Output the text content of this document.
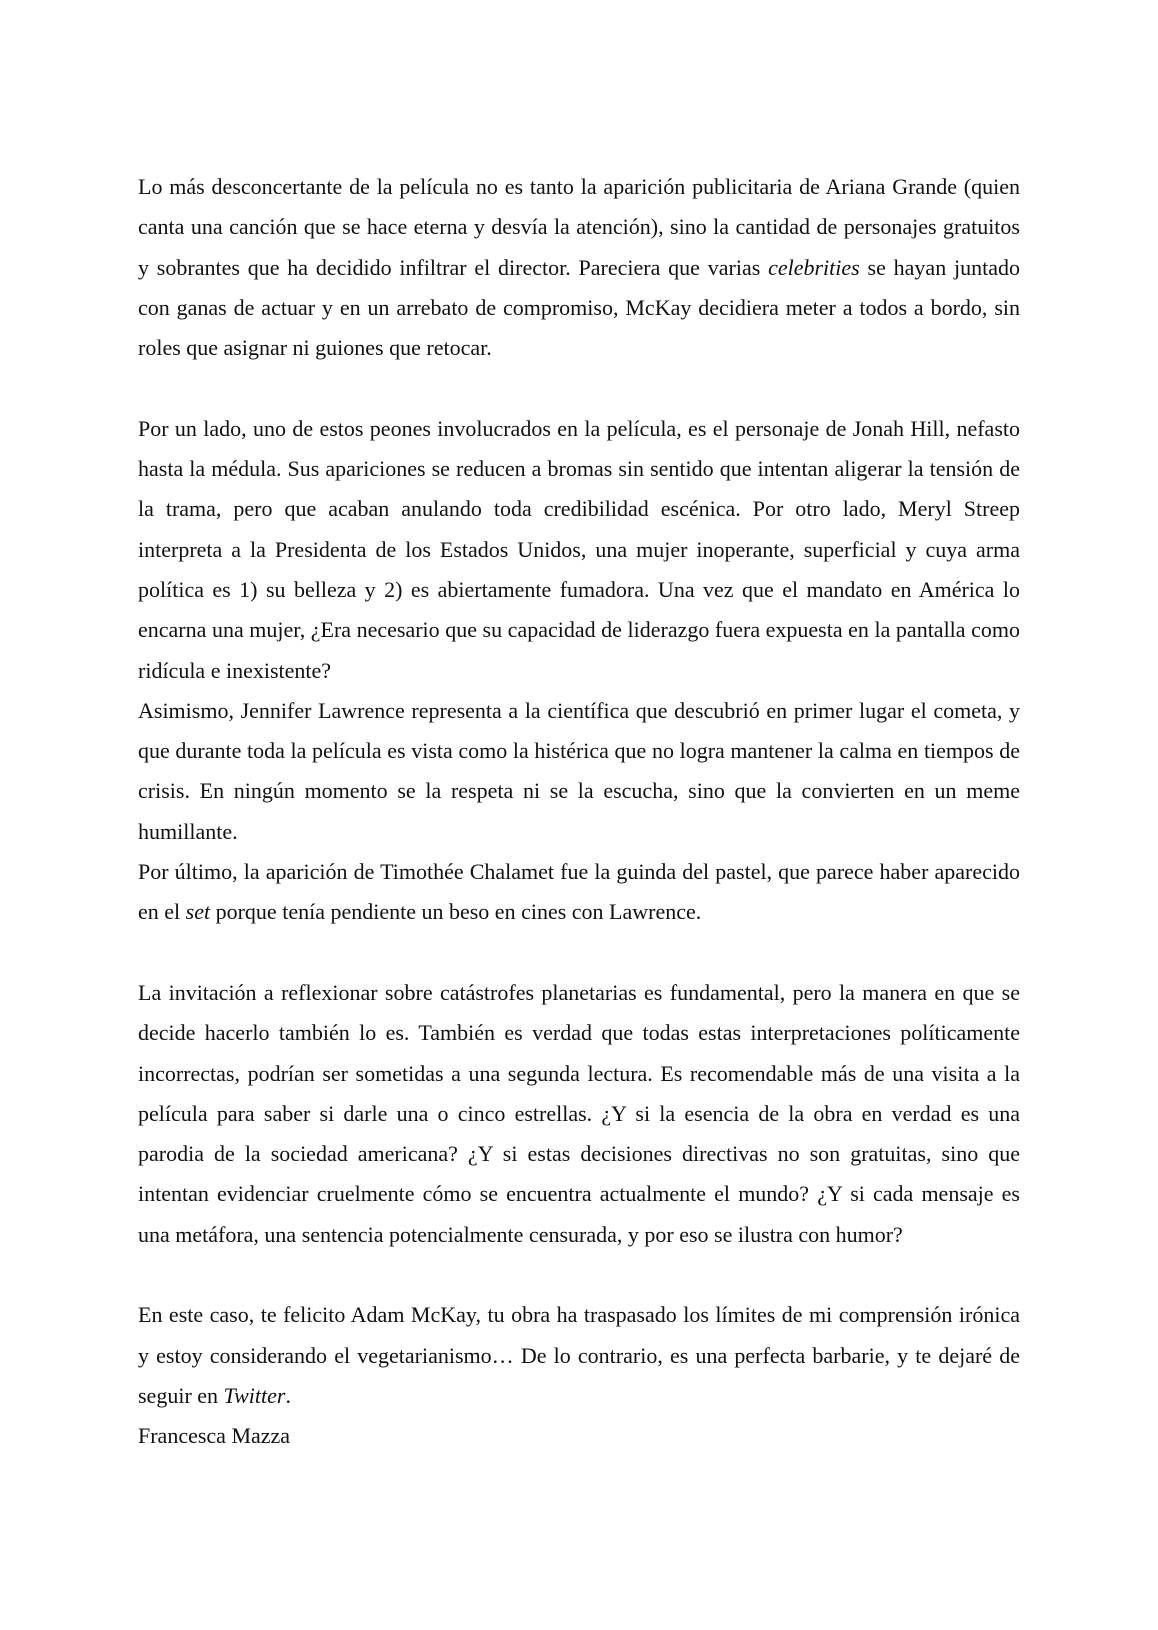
Lo más desconcertante de la película no es tanto la aparición publicitaria de Ariana Grande (quien canta una canción que se hace eterna y desvía la atención), sino la cantidad de personajes gratuitos y sobrantes que ha decidido infiltrar el director. Pareciera que varias celebrities se hayan juntado con ganas de actuar y en un arrebato de compromiso, McKay decidiera meter a todos a bordo, sin roles que asignar ni guiones que retocar.

Por un lado, uno de estos peones involucrados en la película, es el personaje de Jonah Hill, nefasto hasta la médula. Sus apariciones se reducen a bromas sin sentido que intentan aligerar la tensión de la trama, pero que acaban anulando toda credibilidad escénica. Por otro lado, Meryl Streep interpreta a la Presidenta de los Estados Unidos, una mujer inoperante, superficial y cuya arma política es 1) su belleza y 2) es abiertamente fumadora. Una vez que el mandato en América lo encarna una mujer, ¿Era necesario que su capacidad de liderazgo fuera expuesta en la pantalla como ridícula e inexistente?

Asimismo, Jennifer Lawrence representa a la científica que descubrió en primer lugar el cometa, y que durante toda la película es vista como la histérica que no logra mantener la calma en tiempos de crisis. En ningún momento se la respeta ni se la escucha, sino que la convierten en un meme humillante.

Por último, la aparición de Timothée Chalamet fue la guinda del pastel, que parece haber aparecido en el set porque tenía pendiente un beso en cines con Lawrence.

La invitación a reflexionar sobre catástrofes planetarias es fundamental, pero la manera en que se decide hacerlo también lo es. También es verdad que todas estas interpretaciones políticamente incorrectas, podrían ser sometidas a una segunda lectura. Es recomendable más de una visita a la película para saber si darle una o cinco estrellas. ¿Y si la esencia de la obra en verdad es una parodia de la sociedad americana? ¿Y si estas decisiones directivas no son gratuitas, sino que intentan evidenciar cruelmente cómo se encuentra actualmente el mundo? ¿Y si cada mensaje es una metáfora, una sentencia potencialmente censurada, y por eso se ilustra con humor?

En este caso, te felicito Adam McKay, tu obra ha traspasado los límites de mi comprensión irónica y estoy considerando el vegetarianismo… De lo contrario, es una perfecta barbarie, y te dejaré de seguir en Twitter.

Francesca Mazza
